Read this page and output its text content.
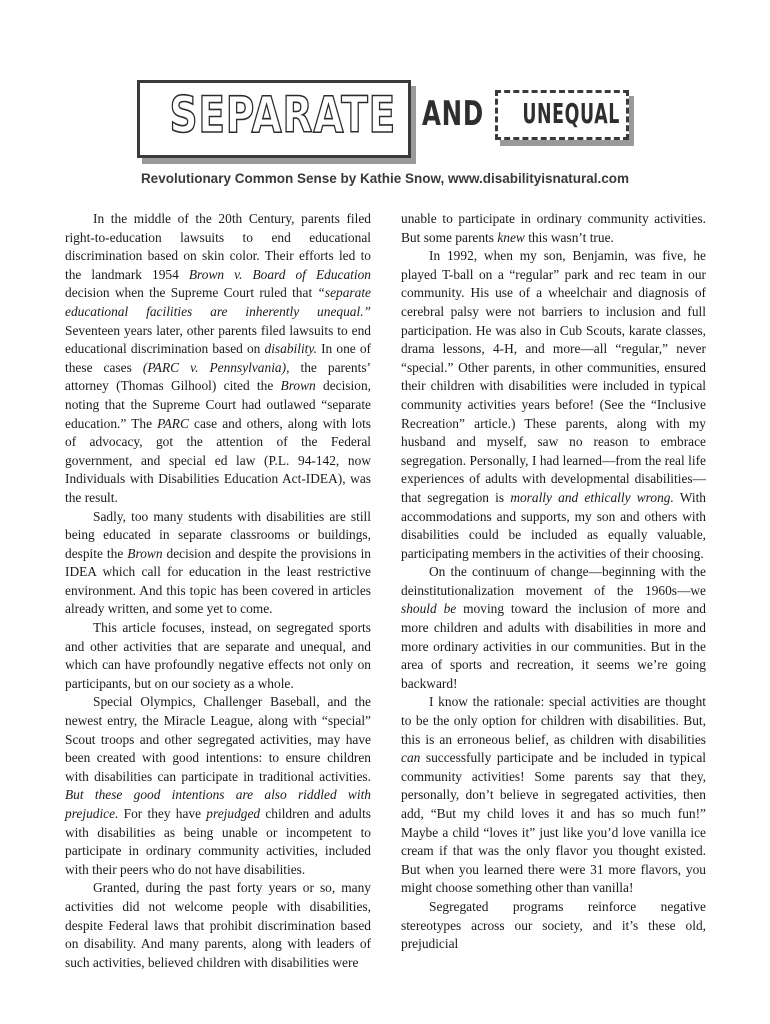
SEPARATE AND UNEQUAL
Revolutionary Common Sense by Kathie Snow, www.disabilityisnatural.com

In the middle of the 20th Century, parents filed right-to-education lawsuits to end educational discrimination based on skin color. Their efforts led to the landmark 1954 Brown v. Board of Education decision when the Supreme Court ruled that “separate educational facilities are inherently unequal.” Seventeen years later, other parents filed lawsuits to end educational discrimination based on disability. In one of these cases (PARC v. Pennsylvania), the parents’ attorney (Thomas Gilhool) cited the Brown decision, noting that the Supreme Court had outlawed “separate education.” The PARC case and others, along with lots of advocacy, got the attention of the Federal government, and special ed law (P.L. 94-142, now Individuals with Disabilities Education Act-IDEA), was the result.

Sadly, too many students with disabilities are still being educated in separate classrooms or buildings, despite the Brown decision and despite the provisions in IDEA which call for education in the least restrictive environment. And this topic has been covered in articles already written, and some yet to come.

This article focuses, instead, on segregated sports and other activities that are separate and unequal, and which can have profoundly negative effects not only on participants, but on our society as a whole.

Special Olympics, Challenger Baseball, and the newest entry, the Miracle League, along with “special” Scout troops and other segregated activities, may have been created with good intentions: to ensure children with disabilities can participate in traditional activities. But these good intentions are also riddled with prejudice. For they have prejudged children and adults with disabilities as being unable or incompetent to participate in ordinary community activities, included with their peers who do not have disabilities.

Granted, during the past forty years or so, many activities did not welcome people with disabilities, despite Federal laws that prohibit discrimination based on disability. And many parents, along with leaders of such activities, believed children with disabilities were

unable to participate in ordinary community activities. But some parents knew this wasn’t true.

In 1992, when my son, Benjamin, was five, he played T-ball on a “regular” park and rec team in our community. His use of a wheelchair and diagnosis of cerebral palsy were not barriers to inclusion and full participation. He was also in Cub Scouts, karate classes, drama lessons, 4-H, and more—all “regular,” never “special.” Other parents, in other communities, ensured their children with disabilities were included in typical community activities years before! (See the “Inclusive Recreation” article.) These parents, along with my husband and myself, saw no reason to embrace segregation. Personally, I had learned—from the real life experiences of adults with developmental disabilities—that segregation is morally and ethically wrong. With accommodations and supports, my son and others with disabilities could be included as equally valuable, participating members in the activities of their choosing.

On the continuum of change—beginning with the deinstitutionalization movement of the 1960s—we should be moving toward the inclusion of more and more children and adults with disabilities in more and more ordinary activities in our communities. But in the area of sports and recreation, it seems we’re going backward!

I know the rationale: special activities are thought to be the only option for children with disabilities. But, this is an erroneous belief, as children with disabilities can successfully participate and be included in typical community activities! Some parents say that they, personally, don’t believe in segregated activities, then add, “But my child loves it and has so much fun!” Maybe a child “loves it” just like you’d love vanilla ice cream if that was the only flavor you thought existed. But when you learned there were 31 more flavors, you might choose something other than vanilla!

Segregated programs reinforce negative stereotypes across our society, and it’s these old, prejudicial
